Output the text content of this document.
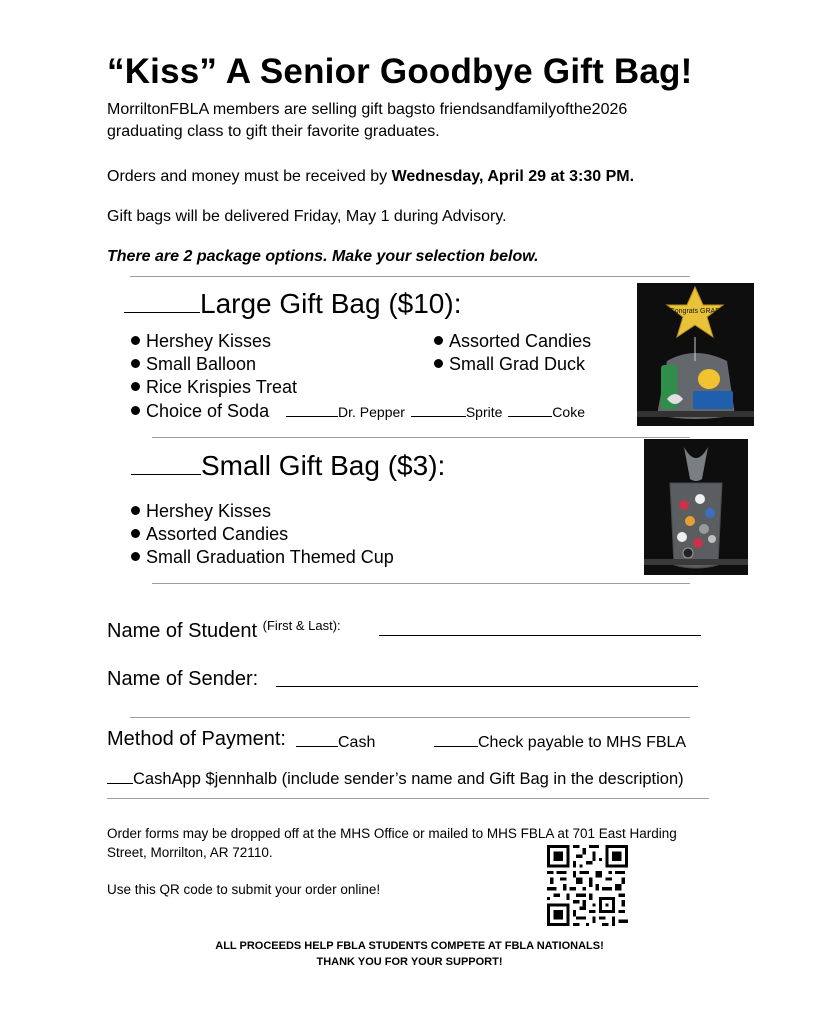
“Kiss” A Senior Goodbye Gift Bag!
MorriltonFBLA members are selling gift bagsto friendsandfamilyofthe2026
graduating class to gift their favorite graduates.
Orders and money must be received by Wednesday, April 29 at 3:30 PM.
Gift bags will be delivered Friday, May 1 during Advisory.
There are 2 package options. Make your selection below.
Large Gift Bag ($10):
Hershey Kisses
Small Balloon
Rice Krispies Treat
Choice of Soda
Assorted Candies
Small Grad Duck
Dr. Pepper	Sprite	Coke
Congrats GRAD
Small Gift Bag ($3):
Hershey Kisses
Assorted Candies
Small Graduation Themed Cup
Name of Student $^{(First \& Last):}$
Name of Sender:
Method of Payment:	Cash	Check payable to MHS FBLA
CashApp $jennhalb (include sender’s name and Gift Bag in the description)
Order forms may be dropped off at the MHS Office or mailed to MHS FBLA at 701 East Harding
Street, Morrilton, AR 72110.
Use this QR code to submit your order online!
ALL PROCEEDS HELP FBLA STUDENTS COMPETE AT FBLA NATIONALS!
THANK YOU FOR YOUR SUPPORT!
